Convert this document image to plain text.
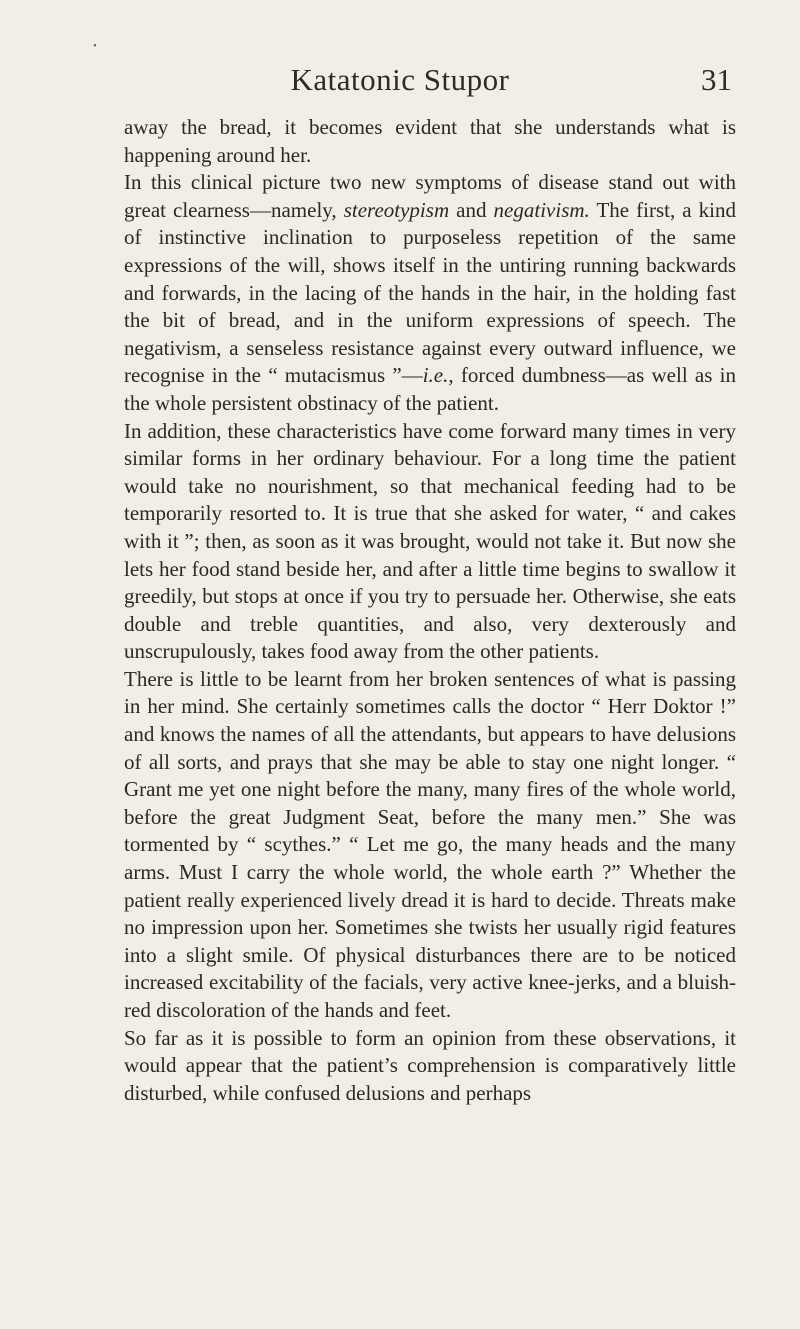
•
Katatonic Stupor	31

away the bread, it becomes evident that she understands what is happening around her.

In this clinical picture two new symptoms of disease stand out with great clearness—namely, stereotypism and negativism. The first, a kind of instinctive inclination to purposeless repetition of the same expressions of the will, shows itself in the untiring running backwards and forwards, in the lacing of the hands in the hair, in the holding fast the bit of bread, and in the uniform expressions of speech. The negativism, a senseless resistance against every outward influence, we recognise in the “ mutacismus ”—i.e., forced dumbness—as well as in the whole persistent obstinacy of the patient.

In addition, these characteristics have come forward many times in very similar forms in her ordinary behaviour. For a long time the patient would take no nourishment, so that mechanical feeding had to be temporarily resorted to. It is true that she asked for water, “ and cakes with it ”; then, as soon as it was brought, would not take it. But now she lets her food stand beside her, and after a little time begins to swallow it greedily, but stops at once if you try to persuade her. Otherwise, she eats double and treble quantities, and also, very dexterously and unscrupulously, takes food away from the other patients.

There is little to be learnt from her broken sentences of what is passing in her mind. She certainly sometimes calls the doctor “ Herr Doktor !” and knows the names of all the attendants, but appears to have delusions of all sorts, and prays that she may be able to stay one night longer. “ Grant me yet one night before the many, many fires of the whole world, before the great Judgment Seat, before the many men.” She was tormented by “ scythes.” “ Let me go, the many heads and the many arms. Must I carry the whole world, the whole earth ?” Whether the patient really experienced lively dread it is hard to decide. Threats make no impression upon her. Sometimes she twists her usually rigid features into a slight smile. Of physical disturbances there are to be noticed increased excitability of the facials, very active knee-jerks, and a bluish-red discoloration of the hands and feet.

So far as it is possible to form an opinion from these observations, it would appear that the patient’s comprehension is comparatively little disturbed, while confused delusions and perhaps
